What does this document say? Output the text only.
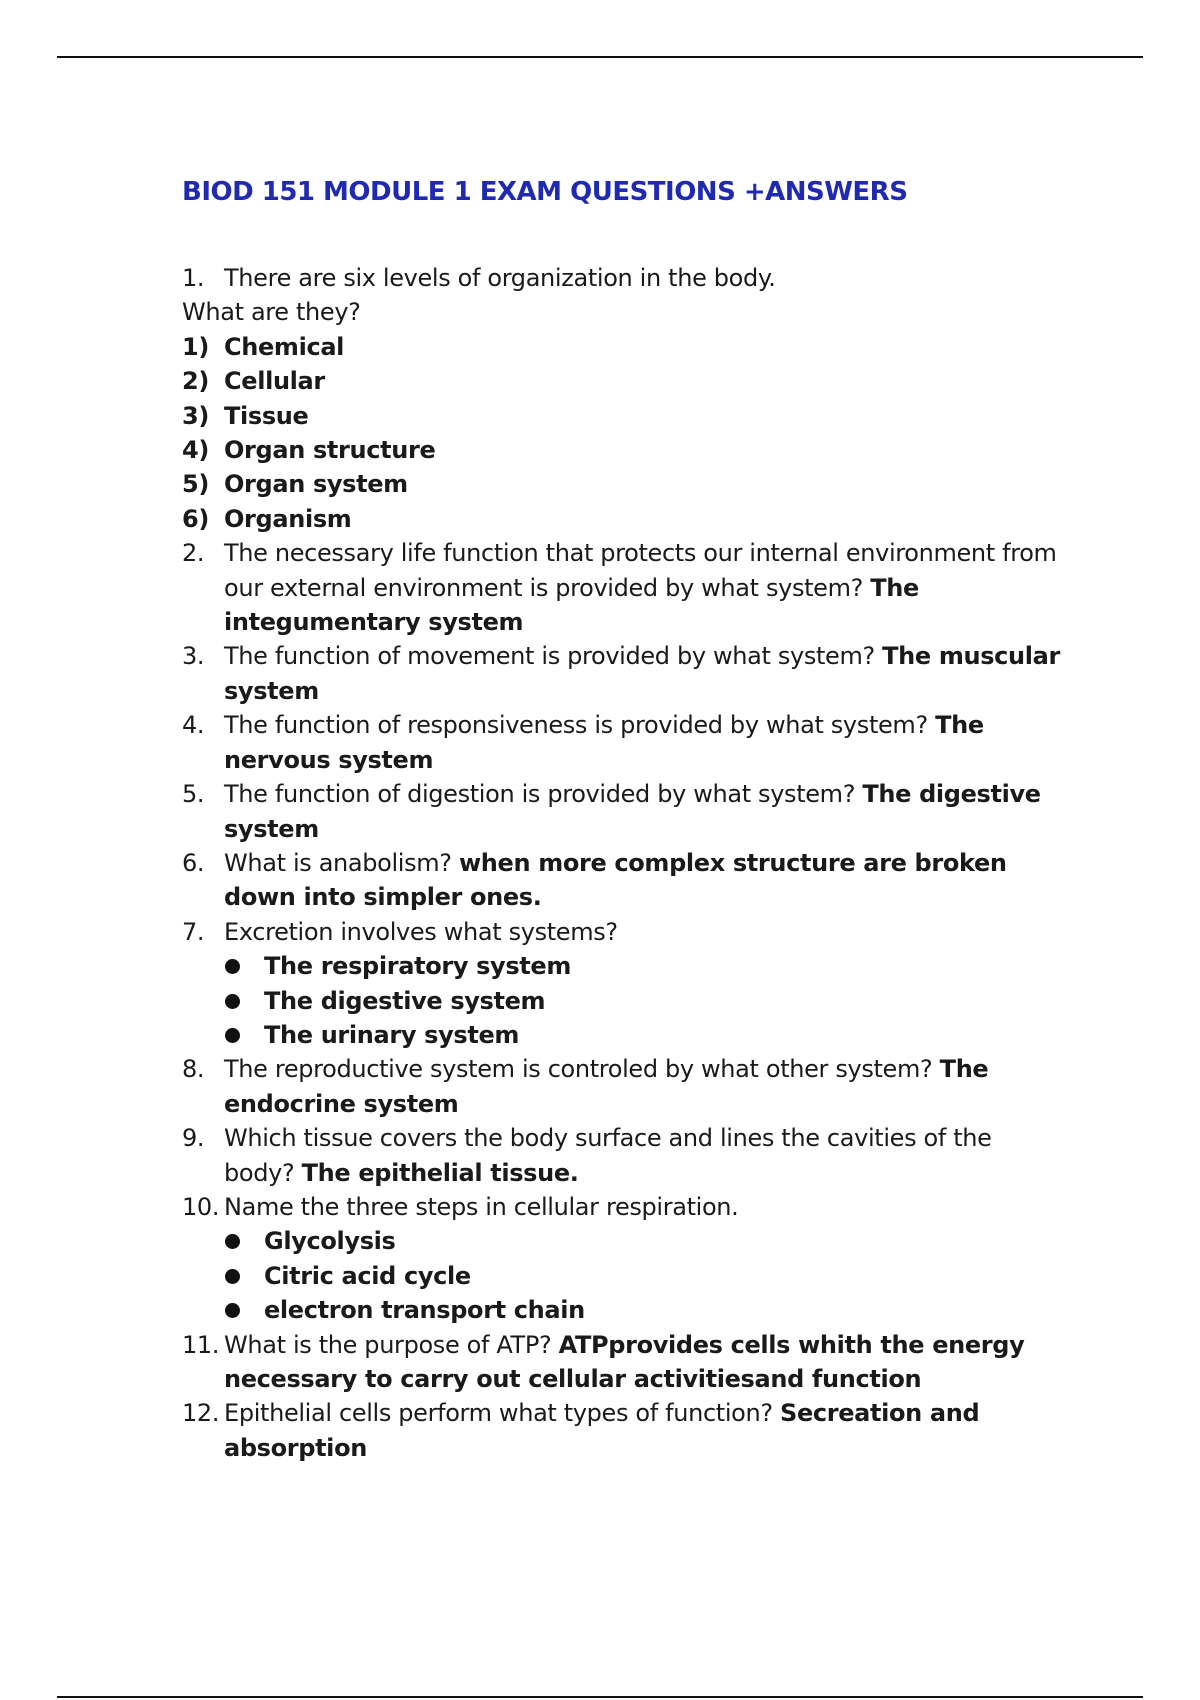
BIOD 151 MODULE 1 EXAM QUESTIONS +ANSWERS
1. There are six levels of organization in the body.
What are they?
1) Chemical
2) Cellular
3) Tissue
4) Organ structure
5) Organ system
6) Organism
2. The necessary life function that protects our internal environment from our external environment is provided by what system? The integumentary system
3. The function of movement is provided by what system? The muscular system
4. The function of responsiveness is provided by what system? The nervous system
5. The function of digestion is provided by what system? The digestive system
6. What is anabolism? when more complex structure are broken down into simpler ones.
7. Excretion involves what systems?
The respiratory system
The digestive system
The urinary system
8. The reproductive system is controled by what other system? The endocrine system
9. Which tissue covers the body surface and lines the cavities of the body? The epithelial tissue.
10. Name the three steps in cellular respiration.
Glycolysis
Citric acid cycle
electron transport chain
11. What is the purpose of ATP? ATPprovides cells whith the energy necessary to carry out cellular activitiesand function
12. Epithelial cells perform what types of function? Secreation and absorption
